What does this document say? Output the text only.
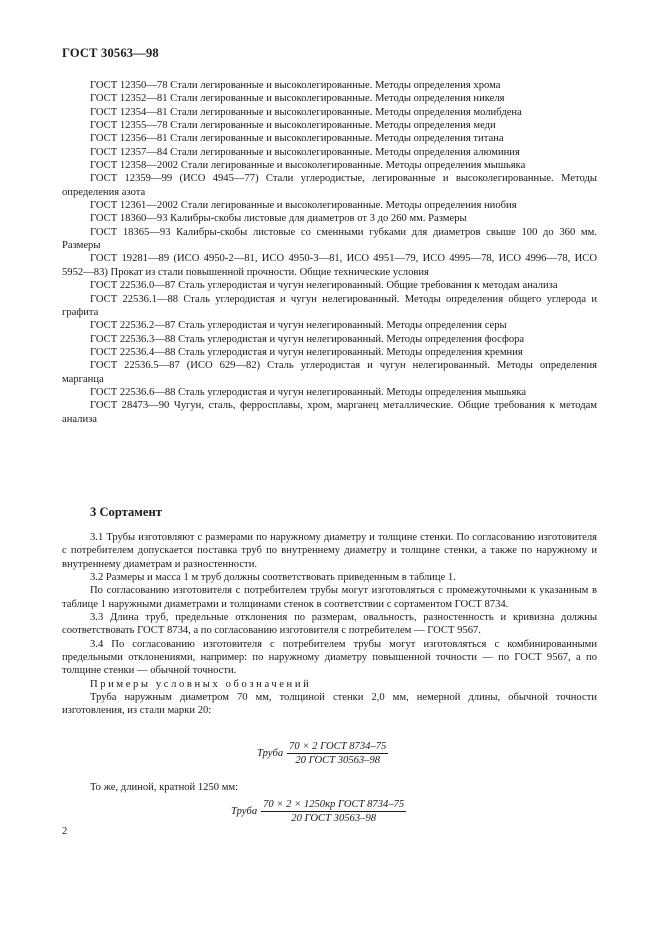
ГОСТ 30563—98

ГОСТ 12350—78 Стали легированные и высоколегированные. Методы определения хрома

ГОСТ 12352—81 Стали легированные и высоколегированные. Методы определения никеля

ГОСТ 12354—81 Стали легированные и высоколегированные. Методы определения молибдена

ГОСТ 12355—78 Стали легированные и высоколегированные. Методы определения меди

ГОСТ 12356—81 Стали легированные и высоколегированные. Методы определения титана

ГОСТ 12357—84 Стали легированные и высоколегированные. Методы определения алюминия

ГОСТ 12358—2002 Стали легированные и высоколегированные. Методы определения мышьяка

ГОСТ 12359—99 (ИСО 4945—77) Стали углеродистые, легированные и высоколегированные. Методы определения азота

ГОСТ 12361—2002 Стали легированные и высоколегированные. Методы определения ниобия

ГОСТ 18360—93 Калибры-скобы листовые для диаметров от 3 до 260 мм. Размеры

ГОСТ 18365—93 Калибры-скобы листовые со сменными губками для диаметров свыше 100 до 360 мм. Размеры

ГОСТ 19281—89 (ИСО 4950-2—81, ИСО 4950-3—81, ИСО 4951—79, ИСО 4995—78, ИСО 4996—78, ИСО 5952—83) Прокат из стали повышенной прочности. Общие технические условия

ГОСТ 22536.0—87 Сталь углеродистая и чугун нелегированный. Общие требования к методам анализа

ГОСТ 22536.1—88 Сталь углеродистая и чугун нелегированный. Методы определения общего углерода и графита

ГОСТ 22536.2—87 Сталь углеродистая и чугун нелегированный. Методы определения серы

ГОСТ 22536.3—88 Сталь углеродистая и чугун нелегированный. Методы определения фосфора

ГОСТ 22536.4—88 Сталь углеродистая и чугун нелегированный. Методы определения кремния

ГОСТ 22536.5—87 (ИСО 629—82) Сталь углеродистая и чугун нелегированный. Методы определения марганца

ГОСТ 22536.6—88 Сталь углеродистая и чугун нелегированный. Методы определения мышьяка

ГОСТ 28473—90 Чугун, сталь, ферросплавы, хром, марганец металлические. Общие требования к методам анализа

3 Сортамент

3.1 Трубы изготовляют с размерами по наружному диаметру и толщине стенки. По согласованию изготовителя с потребителем допускается поставка труб по внутреннему диаметру и толщине стенки, а также по наружному и внутреннему диаметрам и разностенности.

3.2 Размеры и масса 1 м труб должны соответствовать приведенным в таблице 1.

По согласованию изготовителя с потребителем трубы могут изготовляться с промежуточными к указанным в таблице 1 наружными диаметрами и толщинами стенок в соответствии с сортаментом ГОСТ 8734.

3.3 Длина труб, предельные отклонения по размерам, овальность, разностенность и кривизна должны соответствовать ГОСТ 8734, а по согласованию изготовителя с потребителем — ГОСТ 9567.

3.4 По согласованию изготовителя с потребителем трубы могут изготовляться с комбинированными предельными отклонениями, например: по наружному диаметру повышенной точности — по ГОСТ 9567, а по толщине стенки — обычной точности.

Примеры условных обозначений

Труба наружным диаметром 70 мм, толщиной стенки 2,0 мм, немерной длины, обычной точности изготовления, из стали марки 20:

Труба $\frac{\text{70 × 2 ГОСТ 8734–75}}{\text{20 ГОСТ 30563–98}}$
То же, длиной, кратной 1250 мм:
Труба $\frac{\text{70 × 2 × 1250кр ГОСТ 8734–75}}{\text{20 ГОСТ 30563–98}}$
2
